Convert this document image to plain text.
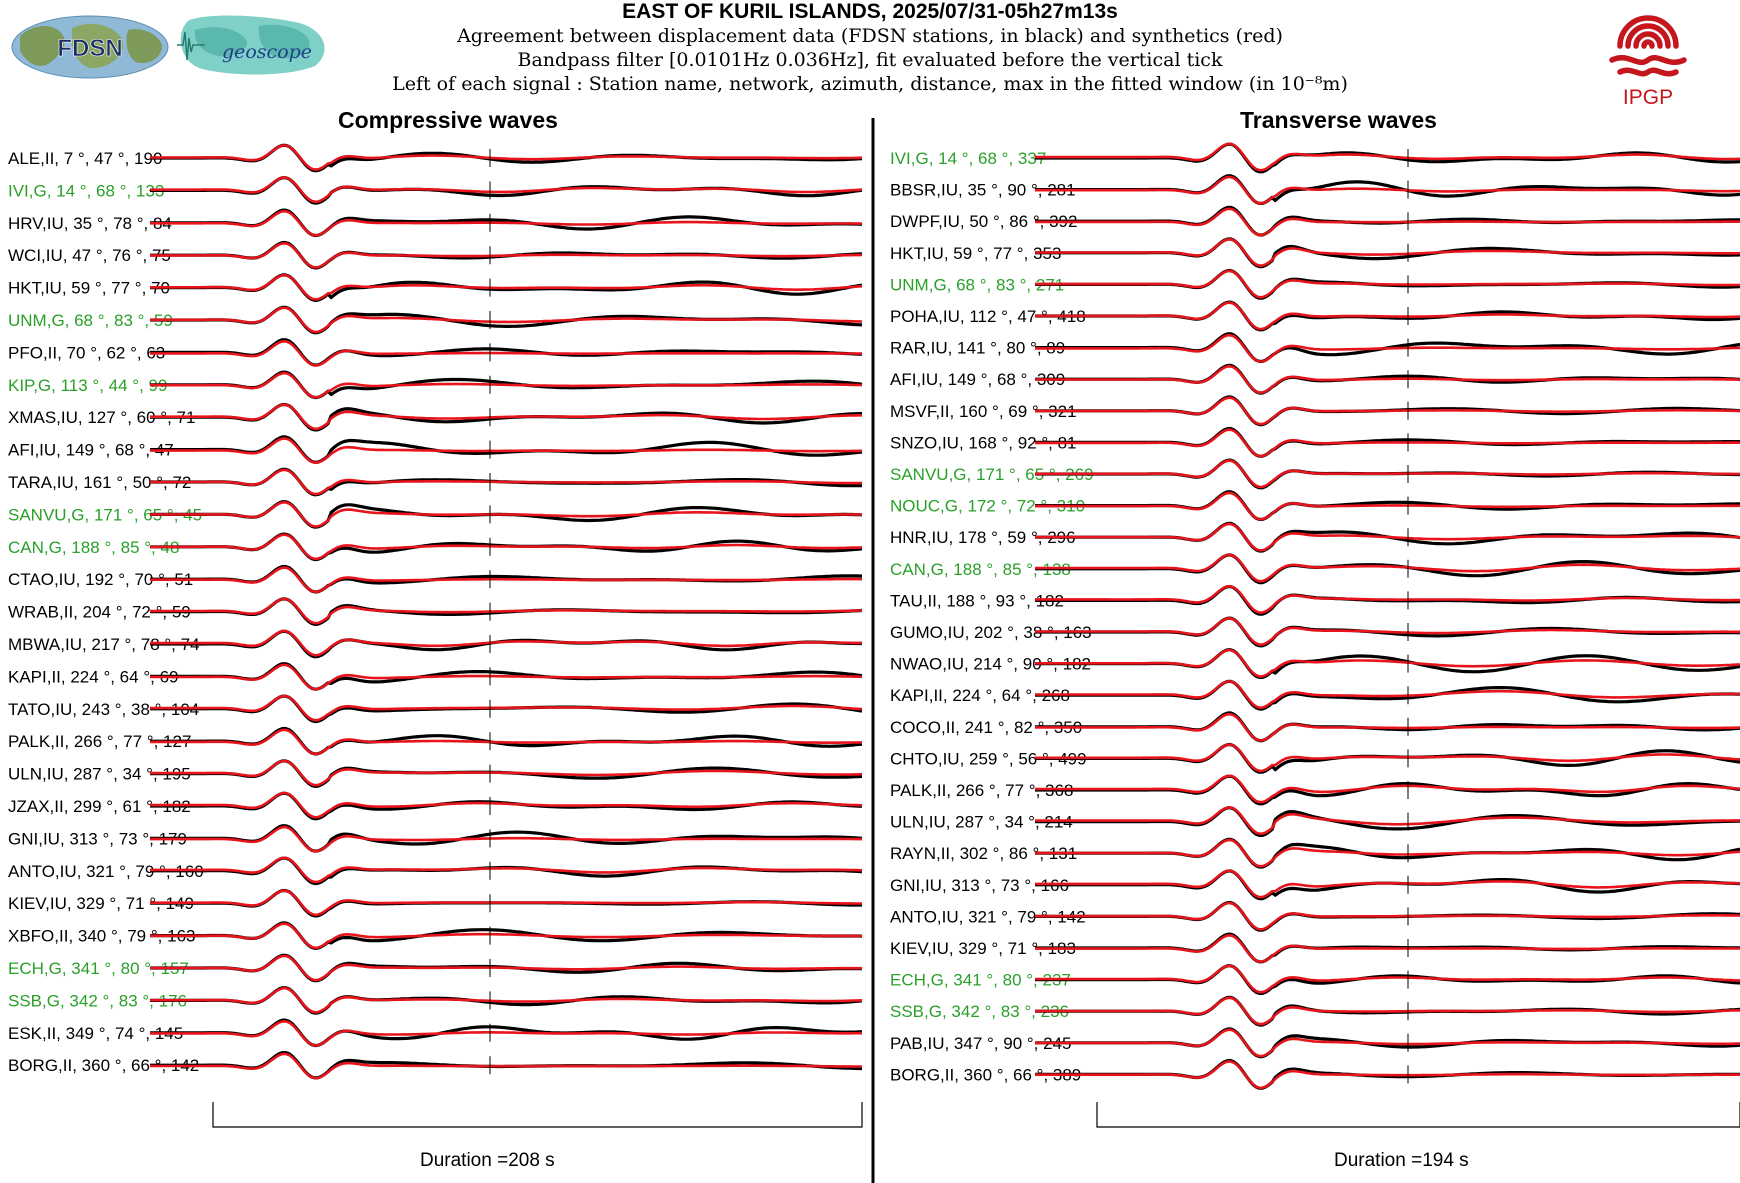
EAST OF KURIL ISLANDS, 2025/07/31-05h27m13s
Agreement between displacement data (FDSN stations, in black) and synthetics (red)
Bandpass filter [0.0101Hz 0.036Hz], fit evaluated before the vertical tick
Left of each signal : Station name, network, azimuth, distance, max in the fitted window (in 10⁻⁸m)
FDSN	geoscope
IPGP
Compressive waves	Transverse waves
ALE,II, 7 °, 47 °, 190
IVI,G, 14 °, 68 °, 133
HRV,IU, 35 °, 78 °, 84
WCI,IU, 47 °, 76 °, 75
HKT,IU, 59 °, 77 °, 70
UNM,G, 68 °, 83 °, 59
PFO,II, 70 °, 62 °, 63
KIP,G, 113 °, 44 °, 99
XMAS,IU, 127 °, 60 °, 71
AFI,IU, 149 °, 68 °, 47
TARA,IU, 161 °, 50 °, 72
SANVU,G, 171 °, 65 °, 45
CAN,G, 188 °, 85 °, 48
CTAO,IU, 192 °, 70 °, 51
WRAB,II, 204 °, 72 °, 59
MBWA,IU, 217 °, 78 °, 74
KAPI,II, 224 °, 64 °, 69
TATO,IU, 243 °, 38 °, 104
PALK,II, 266 °, 77 °, 127
ULN,IU, 287 °, 34 °, 195
JZAX,II, 299 °, 61 °, 182
GNI,IU, 313 °, 73 °, 179
ANTO,IU, 321 °, 79 °, 160
KIEV,IU, 329 °, 71 °, 149
XBFO,II, 340 °, 79 °, 163
ECH,G, 341 °, 80 °, 157
SSB,G, 342 °, 83 °, 176
ESK,II, 349 °, 74 °, 145
BORG,II, 360 °, 66 °, 142
IVI,G, 14 °, 68 °, 337
BBSR,IU, 35 °, 90 °, 281
DWPF,IU, 50 °, 86 °, 392
HKT,IU, 59 °, 77 °, 353
UNM,G, 68 °, 83 °, 271
POHA,IU, 112 °, 47 °, 418
RAR,IU, 141 °, 80 °, 89
AFI,IU, 149 °, 68 °, 309
MSVF,II, 160 °, 69 °, 321
SNZO,IU, 168 °, 92 °, 81
SANVU,G, 171 °, 65 °, 269
NOUC,G, 172 °, 72 °, 310
HNR,IU, 178 °, 59 °, 296
CAN,G, 188 °, 85 °, 138
TAU,II, 188 °, 93 °, 182
GUMO,IU, 202 °, 38 °, 163
NWAO,IU, 214 °, 90 °, 182
KAPI,II, 224 °, 64 °, 268
COCO,II, 241 °, 82 °, 350
CHTO,IU, 259 °, 56 °, 499
PALK,II, 266 °, 77 °, 368
ULN,IU, 287 °, 34 °, 214
RAYN,II, 302 °, 86 °, 131
GNI,IU, 313 °, 73 °, 166
ANTO,IU, 321 °, 79 °, 142
KIEV,IU, 329 °, 71 °, 183
ECH,G, 341 °, 80 °, 237
SSB,G, 342 °, 83 °, 236
PAB,IU, 347 °, 90 °, 245
BORG,II, 360 °, 66 °, 389
Duration =208 s	Duration =194 s
